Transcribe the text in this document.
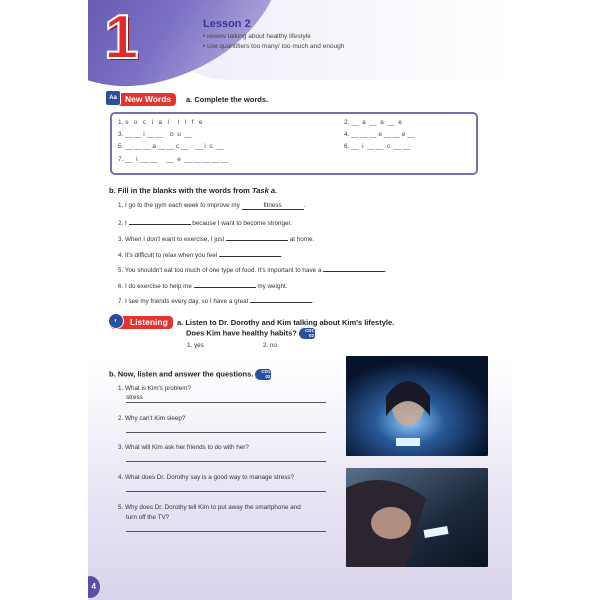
1	Lesson 2
• review talking about healthy lifestyle
• use quantifiers too many/ too much and enough
Aa New Words	a. Complete the words.
1. s   o   c   i   a   l     l   i   f   e	2. __  a  __  a  __  e
3. __ __ i __ __    o  u  __	4. __ __ __ e __ __ e __
5. __ __ __ a __ __ c __    __ i  c  __	6. __  i  __ __  c  __ __
7. __  i  __ __     __  e  __ __ __ __ __
b. Fill in the blanks with the words from Task a.
1. I go to the gym each week to improve my	fitness	.
2. I	because I want to become stronger.
3. When I don't want to exercise, I just	at home.
4. It's difficult to relax when you feel	.
5. You shouldn't eat too much of one type of food. It's important to have a	.
6. I do exercise to help me	my weight.
7. I see my friends every day, so I have a great	.
◐	Listening	a. Listen to Dr. Dorothy and Kim talking about Kim's lifestyle.
Does Kim have healthy habits? CD1 02
1. yes	2. no
b. Now, listen and answer the questions. CD1 02
1. What is Kim's problem?
stress
2. Why can't Kim sleep?
3. What will Kim ask her friends to do with her?
4. What does Dr. Dorothy say is a good way to manage stress?
5. Why does Dr. Dorothy tell Kim to put away the smartphone and
turn off the TV?
4
